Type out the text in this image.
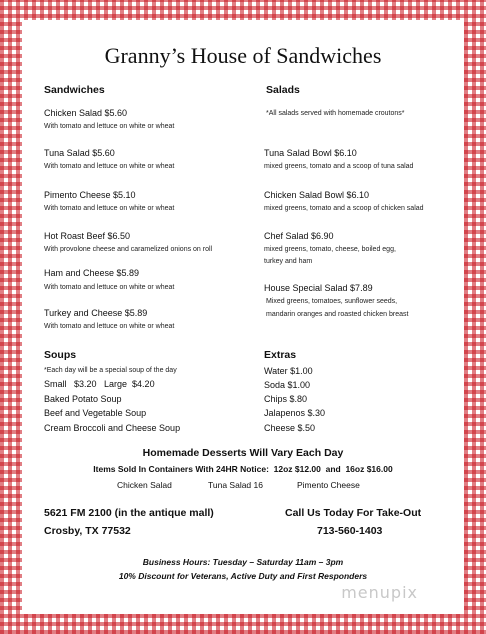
Granny’s House of Sandwiches
Sandwiches
Chicken Salad $5.60
With tomato and lettuce on white or wheat
Tuna Salad $5.60
With tomato and lettuce on white or wheat
Pimento Cheese $5.10
With tomato and lettuce on white or wheat
Hot Roast Beef $6.50
With provolone cheese and caramelized onions on roll
Ham and Cheese $5.89
With tomato and lettuce on white or wheat
Turkey and Cheese $5.89
With tomato and lettuce on white or wheat
Salads
*All salads served with homemade croutons*
Tuna Salad Bowl $6.10
mixed greens, tomato and a scoop of tuna salad
Chicken Salad Bowl $6.10
mixed greens, tomato and a scoop of chicken salad
Chef Salad $6.90
mixed greens, tomato, cheese, boiled egg,
turkey and ham
House Special Salad $7.89
Mixed greens, tomatoes, sunflower seeds,
mandarin oranges and roasted chicken breast
Soups
*Each day will be a special soup of the day
Small   $3.20   Large  $4.20
Baked Potato Soup
Beef and Vegetable Soup
Cream Broccoli and Cheese Soup
Extras
Water $1.00
Soda $1.00
Chips $.80
Jalapenos $.30
Cheese $.50
Homemade Desserts Will Vary Each Day
Items Sold In Containers With 24HR Notice:  12oz $12.00  and  16oz $16.00
Chicken Salad	Tuna Salad 16	Pimento Cheese
5621 FM 2100 (in the antique mall)
Crosby, TX 77532
Call Us Today For Take-Out
713-560-1403
Business Hours: Tuesday – Saturday 11am – 3pm
10% Discount for Veterans, Active Duty and First Responders
menupix
